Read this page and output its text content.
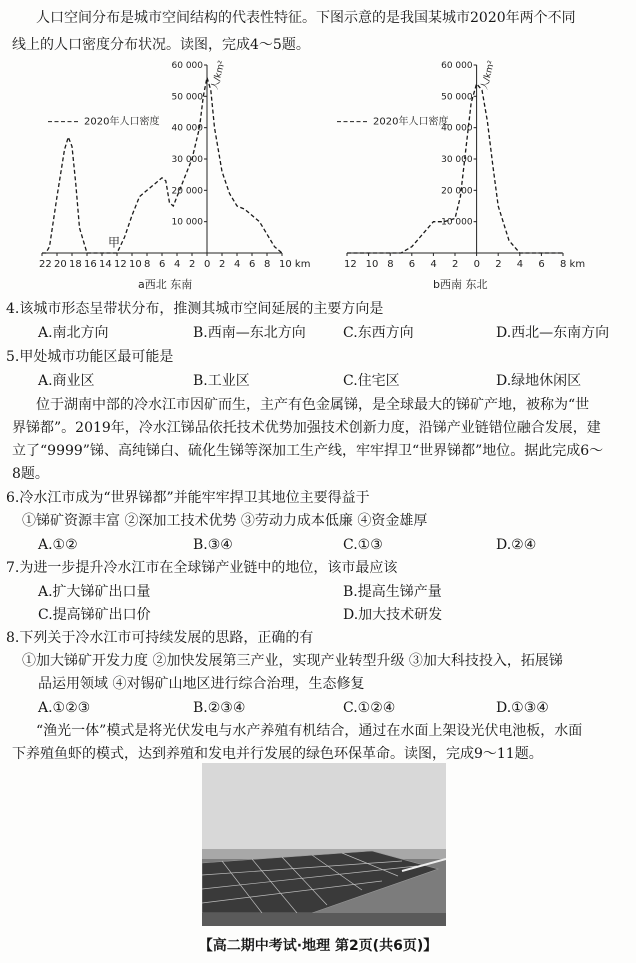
人口空间分布是城市空间结构的代表性特征。下图示意的是我国某城市2020年两个不同
线上的人口密度分布状况。读图，完成4～5题。
10 000
20 000
30 000
40 000
50 000
60 000
22 20 18 16 14 12 10 8 6 4 2 0 2 4 6 8 10 km
人/km²
2020年人口密度
a西北 东南
甲
10 000
20 000
30 000
40 000
50 000
60 000
12 10 8 6 4 2 0 2 4 6 8 km
人/km²
2020年人口密度
b西南 东北
4.该城市形态呈带状分布，推测其城市空间延展的主要方向是
A.南北方向	B.西南—东北方向	C.东西方向	D.西北—东南方向
5.甲处城市功能区最可能是
A.商业区	B.工业区	C.住宅区	D.绿地休闲区
位于湖南中部的冷水江市因矿而生，主产有色金属锑，是全球最大的锑矿产地，被称为“世
界锑都”。2019年，冷水江锑品依托技术优势加强技术创新力度，沿锑产业链错位融合发展，建
立了“9999”锑、高纯锑白、硫化生锑等深加工生产线，牢牢捍卫“世界锑都”地位。据此完成6～
8题。
6.冷水江市成为“世界锑都”并能牢牢捍卫其地位主要得益于
①锑矿资源丰富 ②深加工技术优势 ③劳动力成本低廉 ④资金雄厚
A.①②	B.③④	C.①③	D.②④
7.为进一步提升冷水江市在全球锑产业链中的地位，该市最应该
A.扩大锑矿出口量	B.提高生锑产量
C.提高锑矿出口价	D.加大技术研发
8.下列关于冷水江市可持续发展的思路，正确的有
①加大锑矿开发力度 ②加快发展第三产业，实现产业转型升级 ③加大科技投入，拓展锑
品运用领域 ④对锡矿山地区进行综合治理，生态修复
A.①②③	B.②③④	C.①②④	D.①③④
“渔光一体”模式是将光伏发电与水产养殖有机结合，通过在水面上架设光伏电池板，水面
下养殖鱼虾的模式，达到养殖和发电并行发展的绿色环保革命。读图，完成9～11题。
【高二期中考试·地理 第2页(共6页)】
